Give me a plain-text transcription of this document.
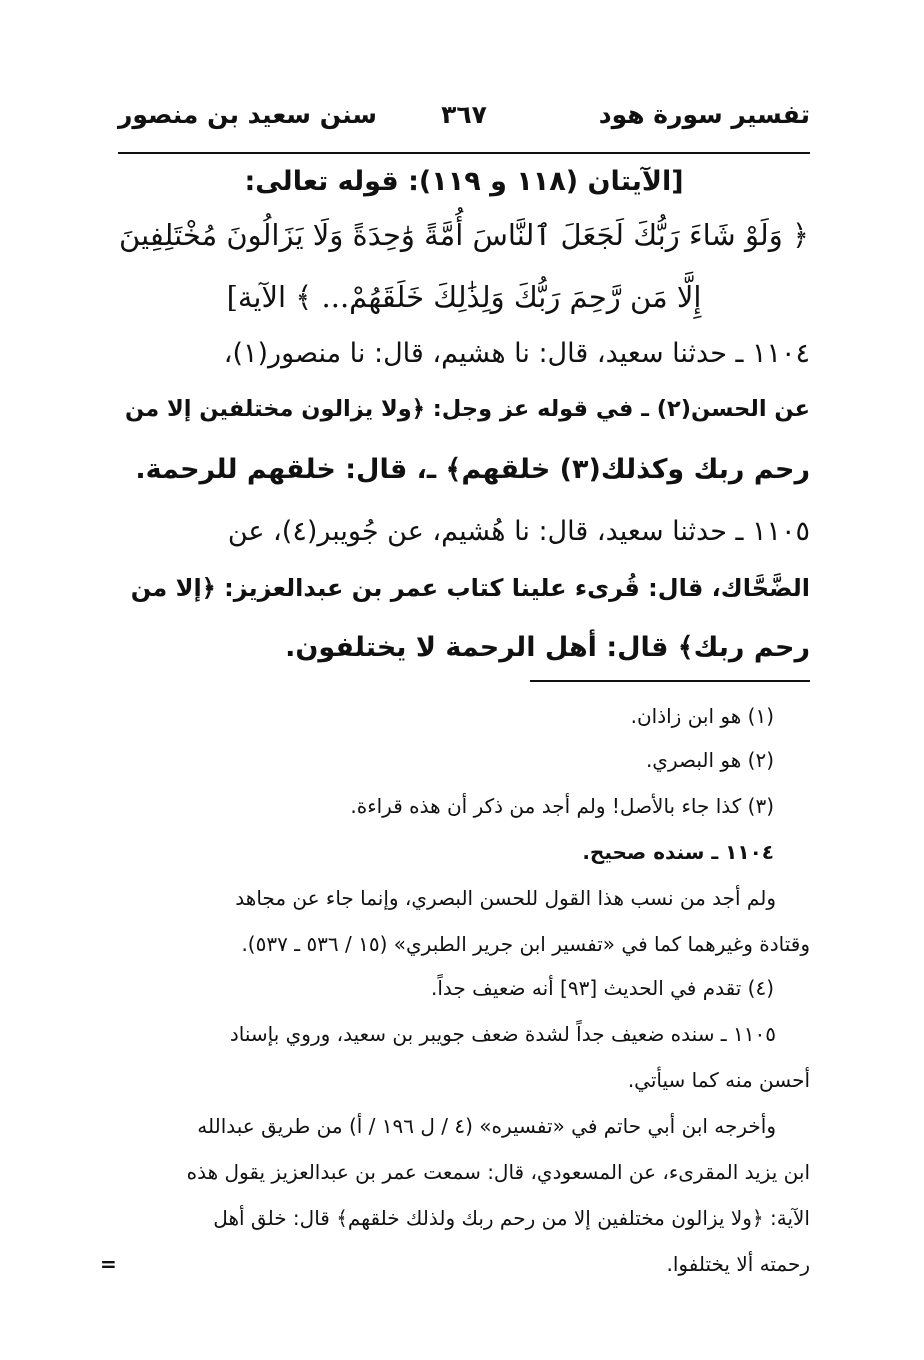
تفسير سورة هود
٣٦٧
سنن سعيد بن منصور
[الآيتان (١١٨ و ١١٩): قوله تعالى:
﴿ وَلَوْ شَاءَ رَبُّكَ لَجَعَلَ ٱلنَّاسَ أُمَّةً وَٰحِدَةً وَلَا يَزَالُونَ مُخْتَلِفِينَ
إِلَّا مَن رَّحِمَ رَبُّكَ وَلِذَٰلِكَ خَلَقَهُمْ... ﴾ الآية]
١١٠٤ ـ حدثنا سعيد، قال: نا هشيم، قال: نا منصور(١)،
عن الحسن(٢) ـ في قوله عز وجل: ﴿ولا يزالون مختلفين إلا من
رحم ربك وكذلك(٣) خلقهم﴾ ـ، قال: خلقهم للرحمة.
١١٠٥ ـ حدثنا سعيد، قال: نا هُشيم، عن جُويبر(٤)، عن
الضَّحَّاك، قال: قُرىء علينا كتاب عمر بن عبدالعزيز: ﴿إلا من
رحم ربك﴾ قال: أهل الرحمة لا يختلفون.
(١) هو ابن زاذان.
(٢) هو البصري.
(٣) كذا جاء بالأصل! ولم أجد من ذكر أن هذه قراءة.
١١٠٤ ـ سنده صحيح.
ولم أجد من نسب هذا القول للحسن البصري، وإنما جاء عن مجاهد
وقتادة وغيرهما كما في «تفسير ابن جرير الطبري» (١٥ / ٥٣٦ ـ ٥٣٧).
(٤) تقدم في الحديث [٩٣] أنه ضعيف جداً.
١١٠٥ ـ سنده ضعيف جداً لشدة ضعف جويبر بن سعيد، وروي بإسناد
أحسن منه كما سيأتي.
وأخرجه ابن أبي حاتم في «تفسيره» (٤ / ل ١٩٦ / أ) من طريق عبدالله
ابن يزيد المقرىء، عن المسعودي، قال: سمعت عمر بن عبدالعزيز يقول هذه
الآية: ﴿ولا يزالون مختلفين إلا من رحم ربك ولذلك خلقهم﴾ قال: خلق أهل
رحمته ألا يختلفوا.
=
